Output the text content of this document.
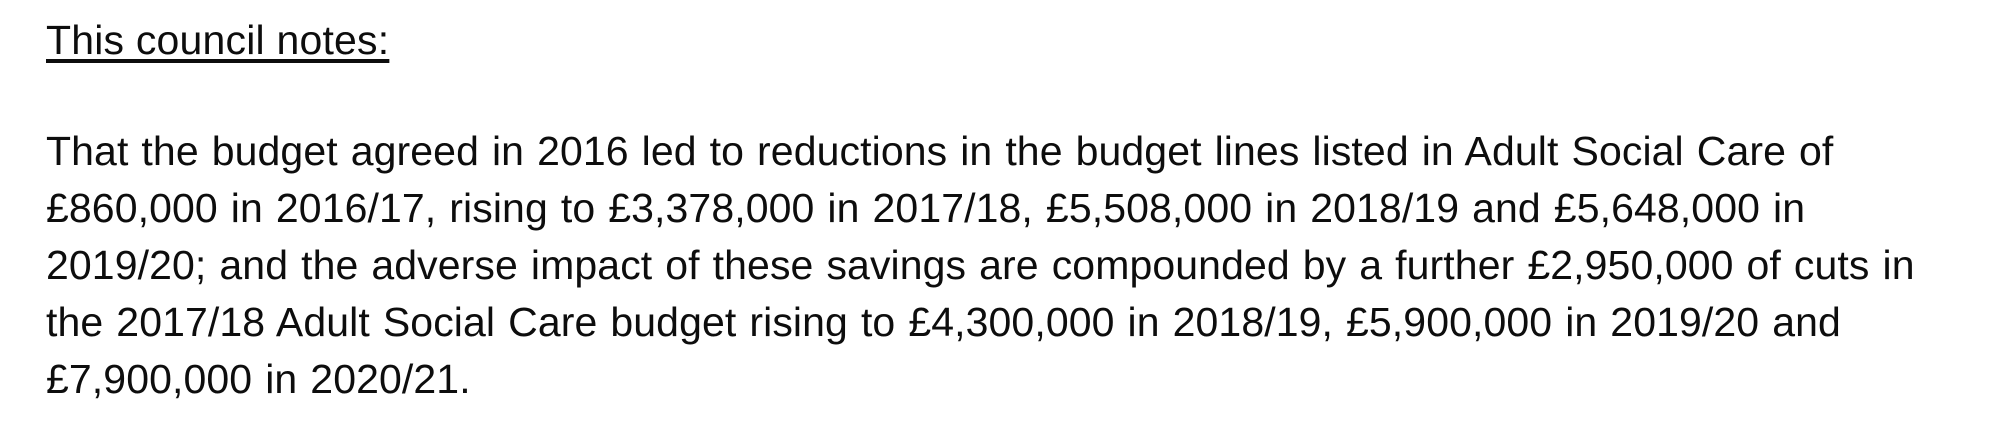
This council notes:

That the budget agreed in 2016 led to reductions in the budget lines listed in Adult Social Care of £860,000 in 2016/17, rising to £3,378,000 in 2017/18, £5,508,000 in 2018/19 and £5,648,000 in 2019/20; and the adverse impact of these savings are compounded by a further £2,950,000 of cuts in the 2017/18 Adult Social Care budget rising to £4,300,000 in 2018/19, £5,900,000 in 2019/20 and £7,900,000 in 2020/21.
